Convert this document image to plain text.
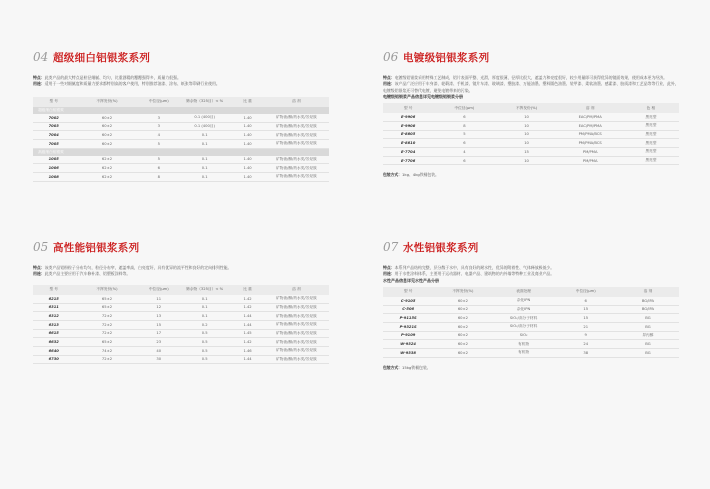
04 超级细白铝银浆系列
特点：此类产品的最大特点是粒径细腻、均匀，比重酒精的覆覆强得多，质量力很强。
用途：适用于一些对细腻度和质量力要求都特别高的客户使用，特别推荐油漆、涂布、纸张等印刷行业使用。
型 号	不挥发份(%)	中位径(μm)	筛余物（325目）< %	比 重	溶 剂
超级细白铝银浆					
7002	60±2	3	0.1 (400目)	1.40	矿物油/酮/药水类/芳烃族
7003	60±2	3	0.1 (400目)	1.40	矿物油/酮/药水类/芳烃族
7004	60±2	4	0.1	1.40	矿物油/酮/药水类/芳烃族
7005	60±2	5	0.1	1.40	矿物油/酮/药水类/芳烃族
高级细白铝银浆					
1005	62±2	5	0.1	1.40	矿物油/酮/药水类/芳烃族
1006	62±2	6	0.1	1.40	矿物油/酮/药水类/芳烃族
1008	62±2	8	0.1	1.40	矿物油/酮/药水类/芳烃族
05 高性能铝银浆系列
特点：该类产品铝粉粒子分布均匀，粒径分布窄，遮盖率高，白亮度好，具有优异的流平性和良好的定向排列性能。
用途：此类产品主要应用于汽车修补漆、铝塑板涂料等。
型 号	不挥发份(%)	中位径(μm)	筛余物（325目）< %	比 重	溶 剂
6215	65±2	11	0.1	1.42	矿物油/酮/药水类/芳烃族
6311	65±2	12	0.1	1.42	矿物油/酮/药水类/芳烃族
6312	72±2	13	0.1	1.44	矿物油/酮/药水类/芳烃族
6313	72±2	15	0.2	1.44	矿物油/酮/药水类/芳烃族
6615	72±2	17	0.5	1.45	矿物油/酮/药水类/芳烃族
6632	65±2	23	0.5	1.42	矿物油/酮/药水类/芳烃族
6640	74±2	40	0.5	1.46	矿物油/酮/药水类/芳烃族
6730	72±2	30	0.5	1.44	矿物油/酮/药水类/芳烃族
06 电镀级铝银浆系列
特点：电镀级铝银浆采用特殊工艺制成，铝片表面平整、光滑，厚度很薄，径厚比很大，遮盖力和亮度很好，较少用量即可获得优异的镜面效果，使用成本更为经济。
用途：该产品广泛应用于车身漆、轮毂漆、手机漆、镜片车漆、玻璃漆、塑胶漆、万能油墨、塑料圆色油墨、装甲漆、柔软油墨、感素漆、胶质漆和工艺品等等行业，此外，电镀级铝银浆还可替代电镀，避免电镀带来的污染。
电镀级铝银浆产品信息详见电镀级铝银浆分册
型 号	中位径(μm)	不挥发份(%)	溶 剂	色 相
E-9906	6	10	EAC/PM/PMA	黑亮型
E-9908	8	10	EAC/PM/PMA	黑亮型
E-8805	5	10	PM/PMA/BCS	黑亮型
E-8810	6	10	PM/PMA/BCS	黑亮型
E-7704	4	15	PM/PMA	黑亮型
E-7706	6	10	PM/PMA	黑亮型
包装方式：1kg、4kg铁桶包装。
07 水性铝银浆系列
特点：本系列产品结构完整，层分散于水中，具有良好的耐水性，优异的附着性、气体释放极低少。
用途：用于水性涂料体系，主要用于运动器材、电器产品、建筑物的内外墙等特种工业及商业产品。
水性产品信息详见水性产品分册
型 号	不挥发份(%)	表面处理	中位径(μm)	溶 剂
C-9105	60±2	杂化IPN	6	BG/IPA
C-506	60±2	杂化IPN	15	BG/IPA
P-9115S	60±2	SiO₂/高分子材料	15	BG
P-9321S	60±2	SiO₂/高分子材料	21	BG
P-9109	60±2	SiO₂	9	异丙醇
W-9324	60±2	有机物	24	BG
W-9338	60±2	有机物	38	BG
包装方式：15kg铁桶包装。
